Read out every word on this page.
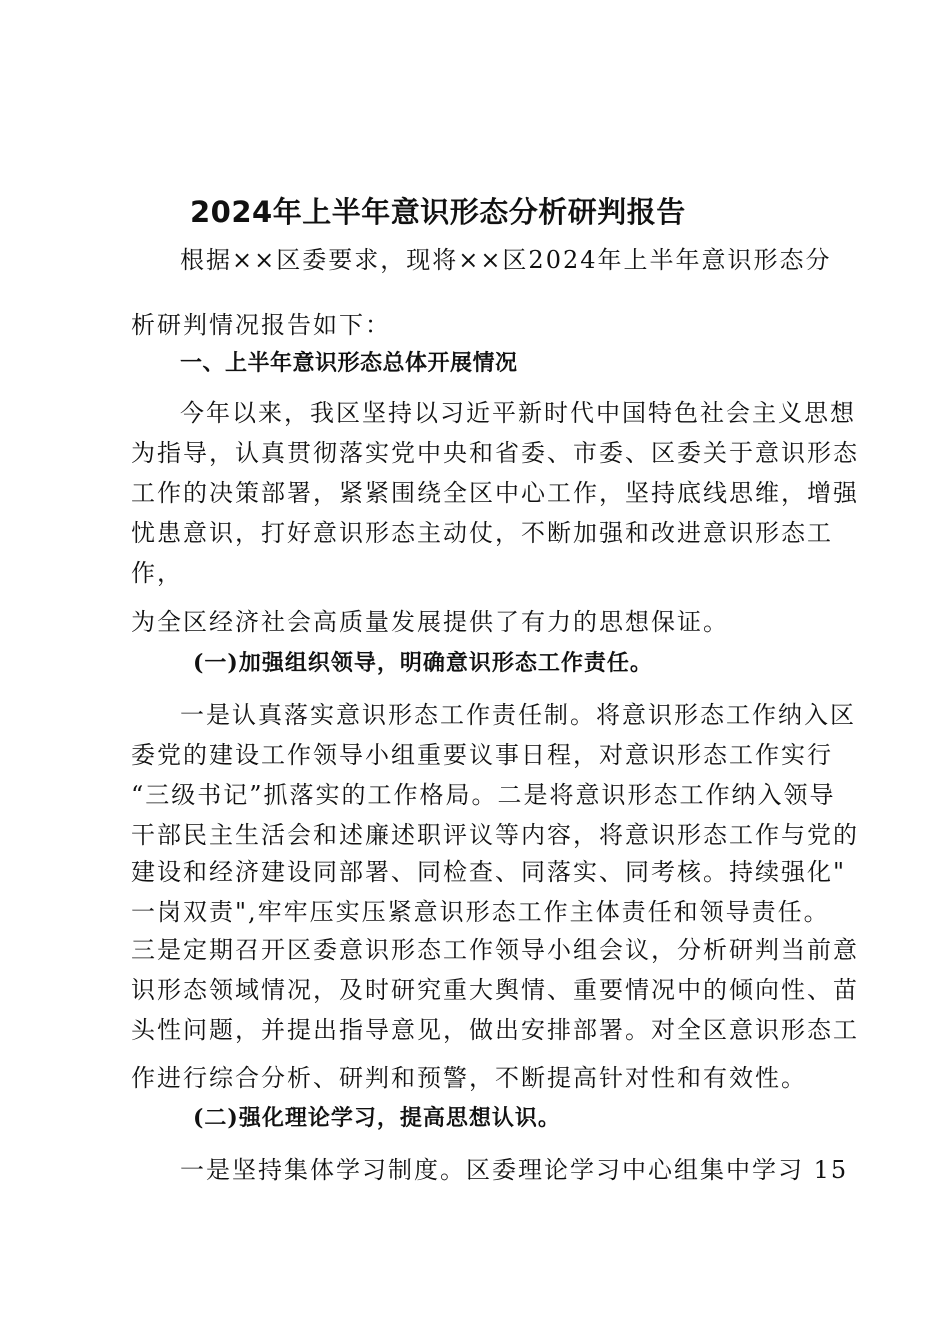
2024年上半年意识形态分析研判报告
根据××区委要求，现将××区2024年上半年意识形态分
析研判情况报告如下：
一、上半年意识形态总体开展情况
今年以来，我区坚持以习近平新时代中国特色社会主义思想
为指导，认真贯彻落实党中央和省委、市委、区委关于意识形态
工作的决策部署，紧紧围绕全区中心工作，坚持底线思维，增强
忧患意识，打好意识形态主动仗，不断加强和改进意识形态工
作，
为全区经济社会高质量发展提供了有力的思想保证。
(一)加强组织领导，明确意识形态工作责任。
一是认真落实意识形态工作责任制。将意识形态工作纳入区
委党的建设工作领导小组重要议事日程，对意识形态工作实行
“三级书记”抓落实的工作格局。二是将意识形态工作纳入领导
干部民主生活会和述廉述职评议等内容，将意识形态工作与党的
建设和经济建设同部署、同检查、同落实、同考核。持续强化"
一岗双责",牢牢压实压紧意识形态工作主体责任和领导责任。
三是定期召开区委意识形态工作领导小组会议，分析研判当前意
识形态领域情况，及时研究重大舆情、重要情况中的倾向性、苗
头性问题，并提出指导意见，做出安排部署。对全区意识形态工
作进行综合分析、研判和预警，不断提高针对性和有效性。
(二)强化理论学习，提高思想认识。
一是坚持集体学习制度。区委理论学习中心组集中学习 15
